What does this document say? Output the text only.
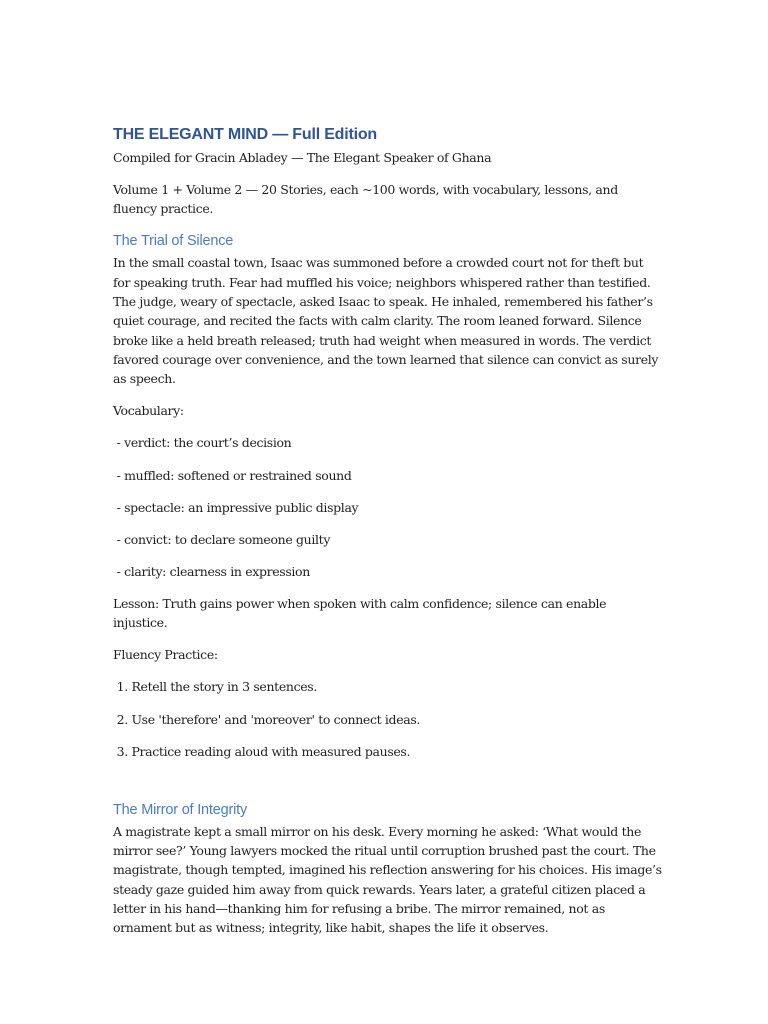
THE ELEGANT MIND — Full Edition

Compiled for Gracin Abladey — The Elegant Speaker of Ghana

Volume 1 + Volume 2 — 20 Stories, each ~100 words, with vocabulary, lessons, and fluency practice.

The Trial of Silence

In the small coastal town, Isaac was summoned before a crowded court not for theft but for speaking truth. Fear had muffled his voice; neighbors whispered rather than testified. The judge, weary of spectacle, asked Isaac to speak. He inhaled, remembered his father’s quiet courage, and recited the facts with calm clarity. The room leaned forward. Silence broke like a held breath released; truth had weight when measured in words. The verdict favored courage over convenience, and the town learned that silence can convict as surely as speech.

Vocabulary:

- verdict: the court’s decision

- muffled: softened or restrained sound

- spectacle: an impressive public display

- convict: to declare someone guilty

- clarity: clearness in expression

Lesson: Truth gains power when spoken with calm confidence; silence can enable injustice.

Fluency Practice:

1. Retell the story in 3 sentences.

2. Use 'therefore' and 'moreover' to connect ideas.

3. Practice reading aloud with measured pauses.

The Mirror of Integrity

A magistrate kept a small mirror on his desk. Every morning he asked: ‘What would the mirror see?’ Young lawyers mocked the ritual until corruption brushed past the court. The magistrate, though tempted, imagined his reflection answering for his choices. His image’s steady gaze guided him away from quick rewards. Years later, a grateful citizen placed a letter in his hand—thanking him for refusing a bribe. The mirror remained, not as ornament but as witness; integrity, like habit, shapes the life it observes.
